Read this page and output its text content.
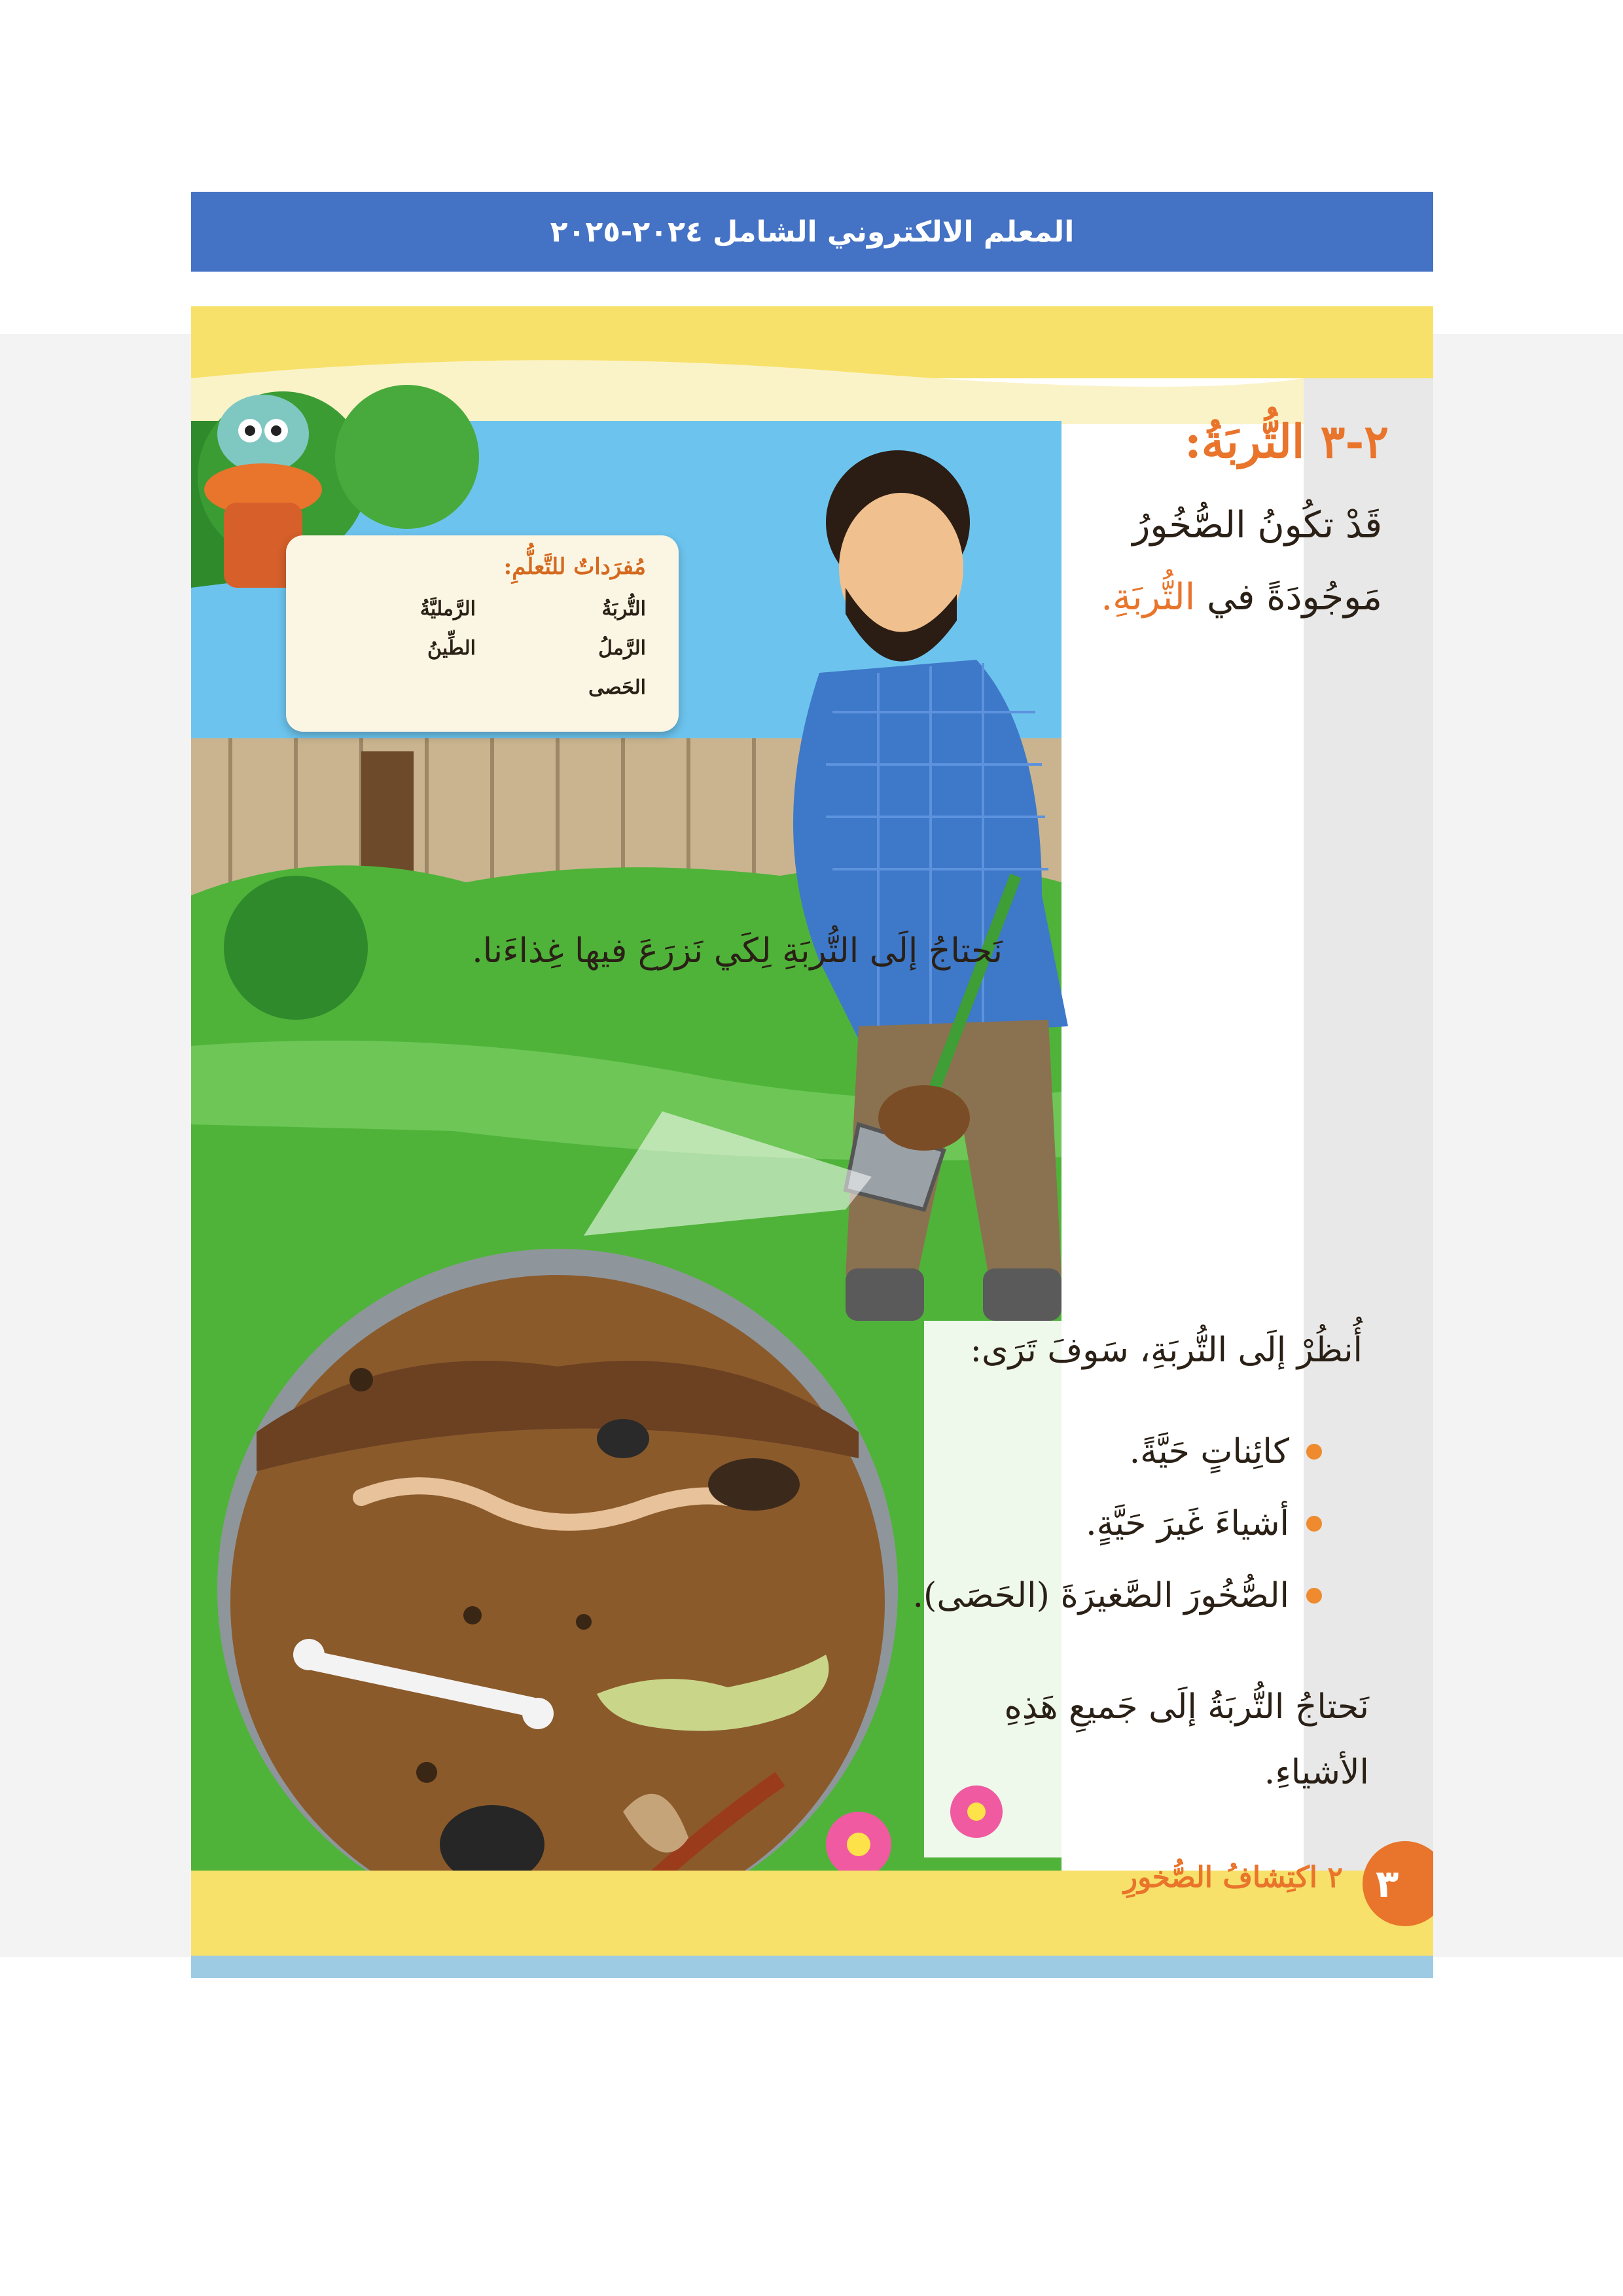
المعلم الالكتروني الشامل ٢٠٢٤-٢٠٢٥
٢-٣ التُّربَةُ:
قَدْ تكُونُ الصُّخُورُ
مَوجُودَةً في التُّربَةِ.
مُفرَداتٌ للتَّعلُّمِ:
التُّربَةُ
الرَّمليَّةُ
الرَّملُ
الطِّينُ
الحَصى
نَحتاجُ إلَى التُّربَةِ لِكَي نَزرَعَ فيها غِذاءَنا.
أُنظُرْ إلَى التُّربَةِ، سَوفَ تَرَى:
كائِناتٍ حَيَّةً.
أشياءَ غَيرَ حَيَّةٍ.
الصُّخُورَ الصَّغيرَةَ (الحَصَى).
نَحتاجُ التُّربَةُ إلَى جَميعِ هَذِهِ الأشياءِ.
٢ اكتِشافُ الصُّخورِ ٣
